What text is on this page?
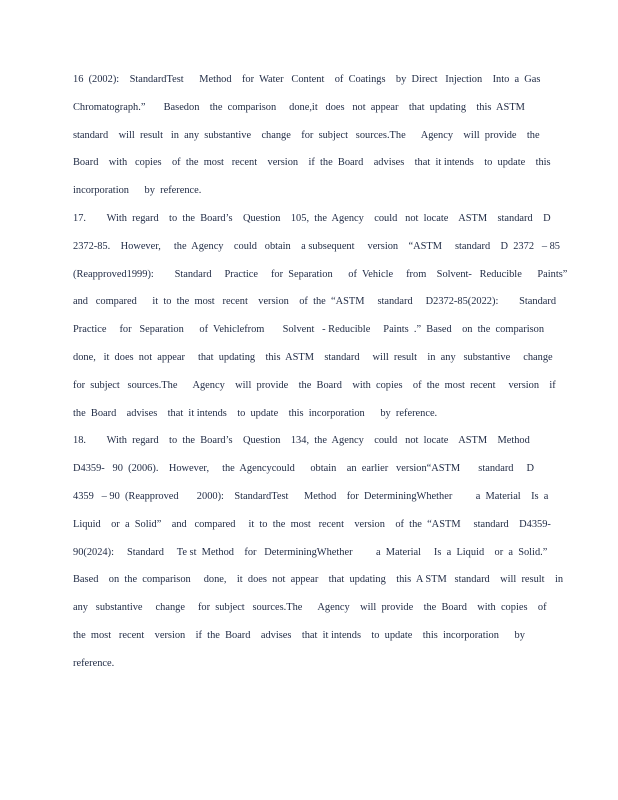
16  (2002):    StandardTest      Method    for  Water   Content    of  Coatings    by  Direct   Injection    Into  a  Gas
Chromatograph.”       Basedon    the  comparison     done,it   does   not  appear    that  updating    this  ASTM
standard    will  result   in  any  substantive    change    for  subject   sources.The      Agency    will  provide    the
Board    with   copies    of  the  most   recent    version    if  the  Board    advises    that  it intends    to  update    this
incorporation      by  reference.
17.        With  regard    to  the  Board’s    Question    105,  the  Agency    could   not  locate    ASTM    standard    D
2372-85.    However,     the  Agency    could   obtain    a subsequent     version    “ASTM     standard    D  2372   – 85
(Reapproved1999):        Standard     Practice     for  Separation      of  Vehicle     from    Solvent-   Reducible      Paints”
and   compared      it  to  the  most   recent    version    of  the  “ASTM     standard     D2372-85(2022):        Standard
Practice     for   Separation      of  Vehiclefrom       Solvent   - Reducible     Paints  .”  Based    on  the  comparison
done,   it  does  not  appear     that  updating    this  ASTM    standard     will  result    in  any   substantive     change
for  subject   sources.The      Agency    will  provide    the  Board    with  copies    of  the  most  recent     version    if
the  Board    advises    that  it intends    to  update    this  incorporation      by  reference.
18.        With  regard    to  the  Board’s    Question    134,  the  Agency    could   not  locate    ASTM    Method
D4359-   90  (2006).    However,     the  Agencycould      obtain    an  earlier   version“ASTM       standard     D
4359   – 90  (Reapproved       2000):    StandardTest      Method    for  DeterminingWhether         a  Material    Is  a
Liquid    or  a  Solid”    and   compared     it  to  the  most   recent    version    of  the  “ASTM     standard    D4359-
90(2024):     Standard     Te st  Method    for   DeterminingWhether         a  Material     Is  a  Liquid    or  a  Solid.”
Based    on  the  comparison     done,    it  does  not  appear    that  updating    this  A STM   standard    will  result    in
any   substantive     change     for  subject   sources.The      Agency    will  provide    the  Board    with  copies    of
the  most   recent    version    if  the  Board    advises    that  it intends    to  update    this  incorporation      by
reference.
